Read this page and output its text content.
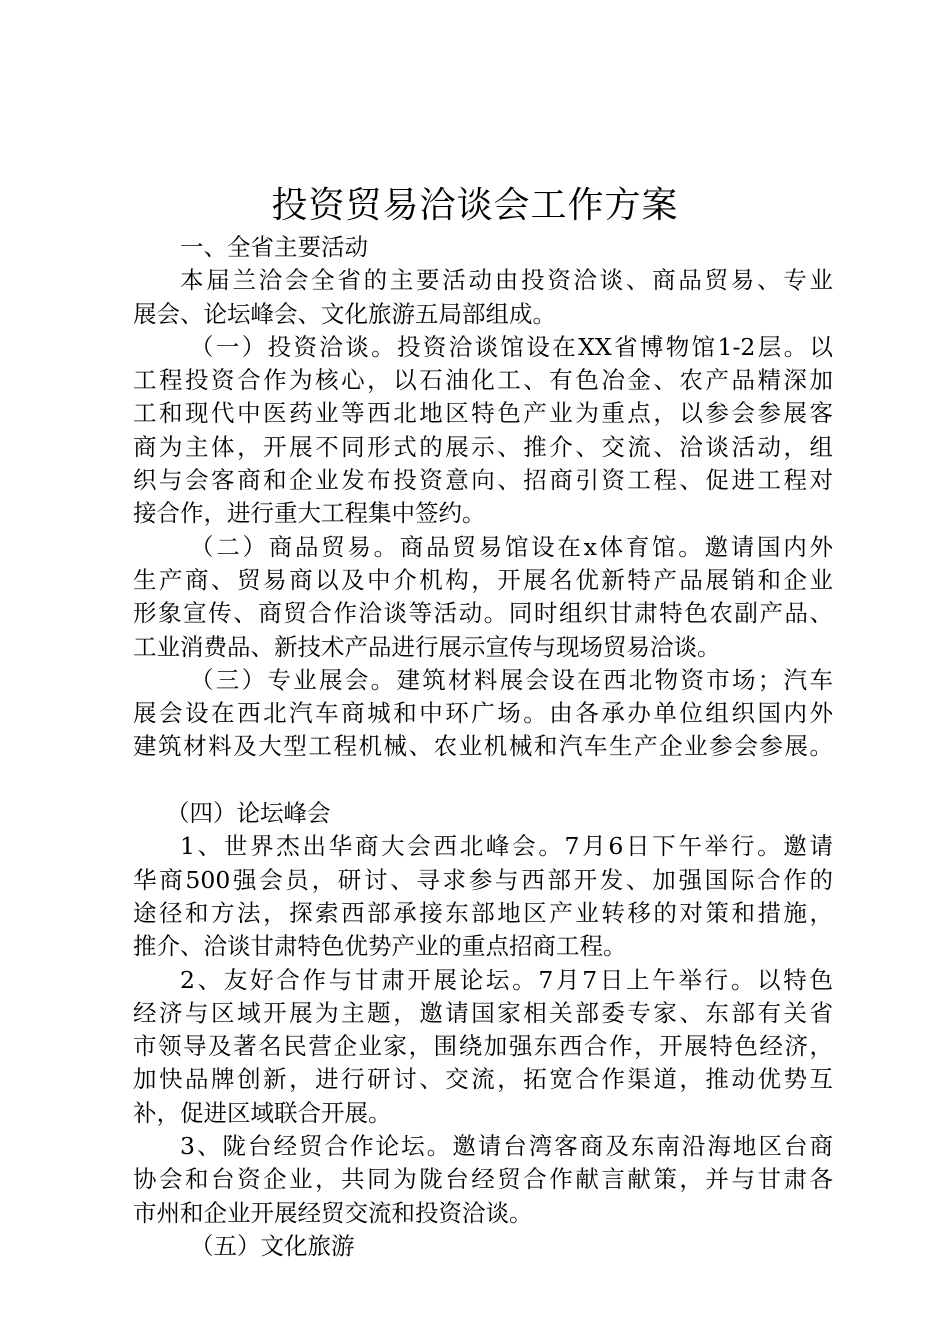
投资贸易洽谈会工作方案
一、全省主要活动
本届兰洽会全省的主要活动由投资洽谈、商品贸易、专业
展会、论坛峰会、文化旅游五局部组成。
（一）投资洽谈。投资洽谈馆设在XX省博物馆1-2层。以
工程投资合作为核心，以石油化工、有色冶金、农产品精深加
工和现代中医药业等西北地区特色产业为重点，以参会参展客
商为主体，开展不同形式的展示、推介、交流、洽谈活动，组
织与会客商和企业发布投资意向、招商引资工程、促进工程对
接合作，进行重大工程集中签约。
（二）商品贸易。商品贸易馆设在x体育馆。邀请国内外
生产商、贸易商以及中介机构，开展名优新特产品展销和企业
形象宣传、商贸合作洽谈等活动。同时组织甘肃特色农副产品、
工业消费品、新技术产品进行展示宣传与现场贸易洽谈。
（三）专业展会。建筑材料展会设在西北物资市场；汽车
展会设在西北汽车商城和中环广场。由各承办单位组织国内外
建筑材料及大型工程机械、农业机械和汽车生产企业参会参展。
（四）论坛峰会
1、世界杰出华商大会西北峰会。7月6日下午举行。邀请
华商500强会员，研讨、寻求参与西部开发、加强国际合作的
途径和方法，探索西部承接东部地区产业转移的对策和措施，
推介、洽谈甘肃特色优势产业的重点招商工程。
2、友好合作与甘肃开展论坛。7月7日上午举行。以特色
经济与区域开展为主题，邀请国家相关部委专家、东部有关省
市领导及著名民营企业家，围绕加强东西合作，开展特色经济，
加快品牌创新，进行研讨、交流，拓宽合作渠道，推动优势互
补，促进区域联合开展。
3、陇台经贸合作论坛。邀请台湾客商及东南沿海地区台商
协会和台资企业，共同为陇台经贸合作献言献策，并与甘肃各
市州和企业开展经贸交流和投资洽谈。
（五）文化旅游
